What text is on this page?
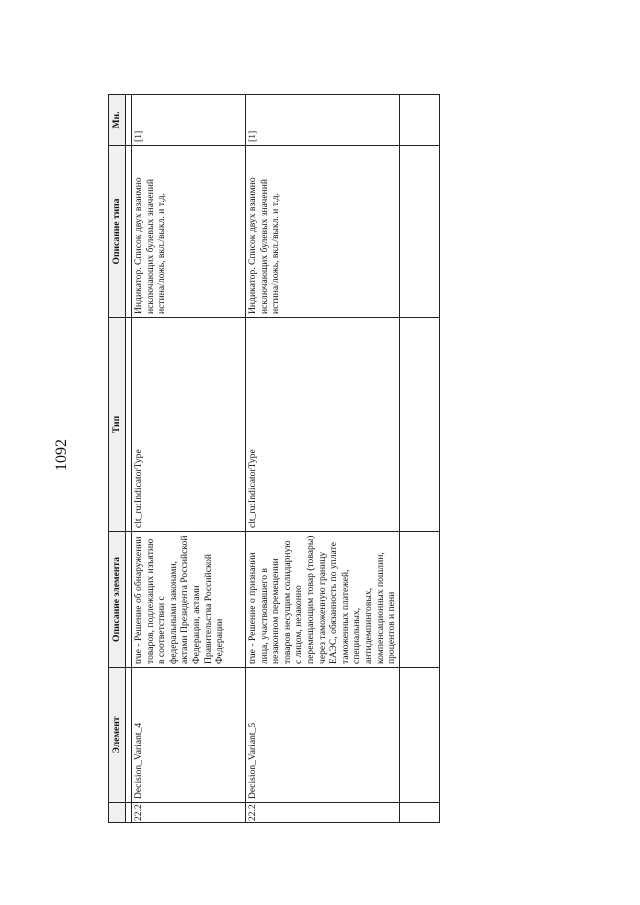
1092
	Элемент	Описание элемента	Тип	Описание типа	Мн.

22.2	Decision_Variant_4	true - Решение об обнаружении товаров, подлежащих изъятию в соответствии с федеральными законами, актами Президента Российской Федерации, актами Правительства Российской Федерации	clt_ru:IndicatorType	Индикатор. Список двух взаимно исключающих булевых значений истина/ложь, вкл./выкл. и т.д.	[1]
22.2	Decision_Variant_5	true - Решение о признании лица, участвовавшего в незаконном перемещении товаров несущим солидарную с лицом, незаконно перемещающим товар (товары) через таможенную границу ЕАЭС, обязанность по уплате таможенных платежей, специальных, антидемпинговых, компенсационных пошлин, процентов и пени	clt_ru:IndicatorType	Индикатор. Список двух взаимно исключающих булевых значений истина/ложь, вкл./выкл. и т.д.	[1]
